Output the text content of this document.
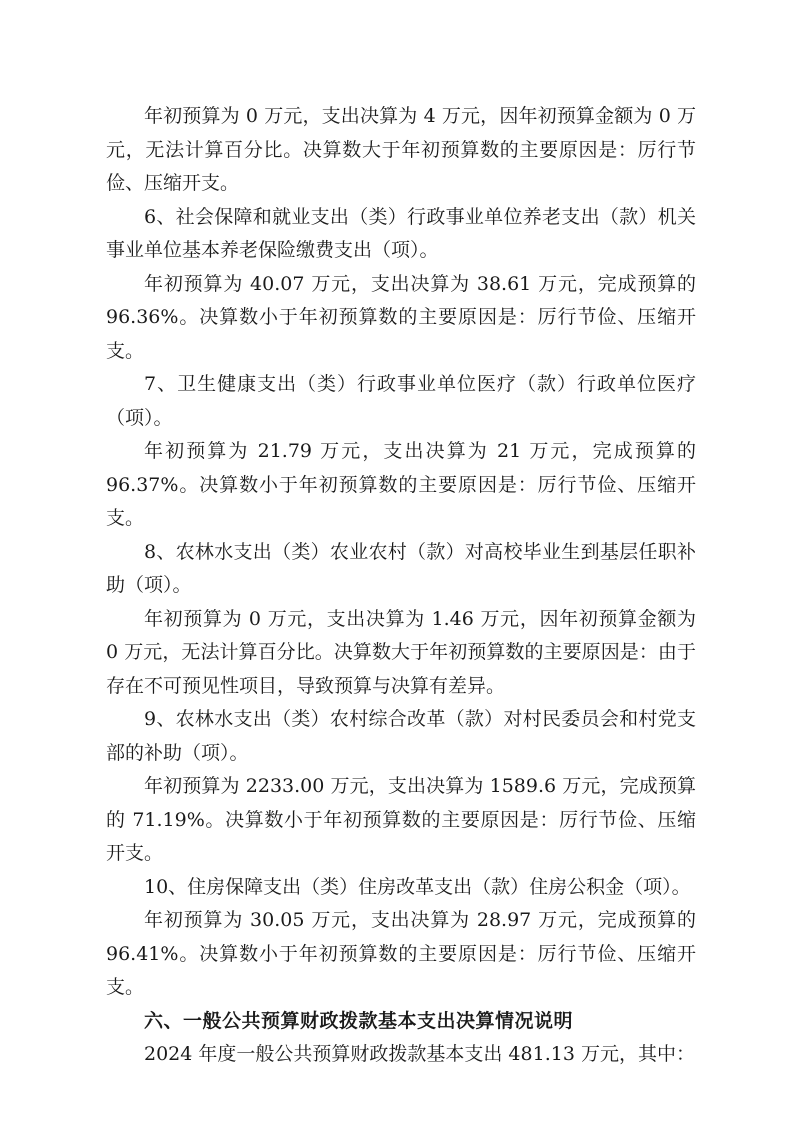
年初预算为 0 万元，支出决算为 4 万元，因年初预算金额为 0 万元，无法计算百分比。决算数大于年初预算数的主要原因是：厉行节俭、压缩开支。

6、社会保障和就业支出（类）行政事业单位养老支出（款）机关事业单位基本养老保险缴费支出（项）。

年初预算为 40.07 万元，支出决算为 38.61 万元，完成预算的 96.36%。决算数小于年初预算数的主要原因是：厉行节俭、压缩开支。

7、卫生健康支出（类）行政事业单位医疗（款）行政单位医疗（项）。

年初预算为 21.79 万元，支出决算为 21 万元，完成预算的 96.37%。决算数小于年初预算数的主要原因是：厉行节俭、压缩开支。

8、农林水支出（类）农业农村（款）对高校毕业生到基层任职补助（项）。

年初预算为 0 万元，支出决算为 1.46 万元，因年初预算金额为 0 万元，无法计算百分比。决算数大于年初预算数的主要原因是：由于存在不可预见性项目，导致预算与决算有差异。

9、农林水支出（类）农村综合改革（款）对村民委员会和村党支部的补助（项）。

年初预算为 2233.00 万元，支出决算为 1589.6 万元，完成预算的 71.19%。决算数小于年初预算数的主要原因是：厉行节俭、压缩开支。

10、住房保障支出（类）住房改革支出（款）住房公积金（项）。

年初预算为 30.05 万元，支出决算为 28.97 万元，完成预算的 96.41%。决算数小于年初预算数的主要原因是：厉行节俭、压缩开支。

六、一般公共预算财政拨款基本支出决算情况说明

2024 年度一般公共预算财政拨款基本支出 481.13 万元，其中：
